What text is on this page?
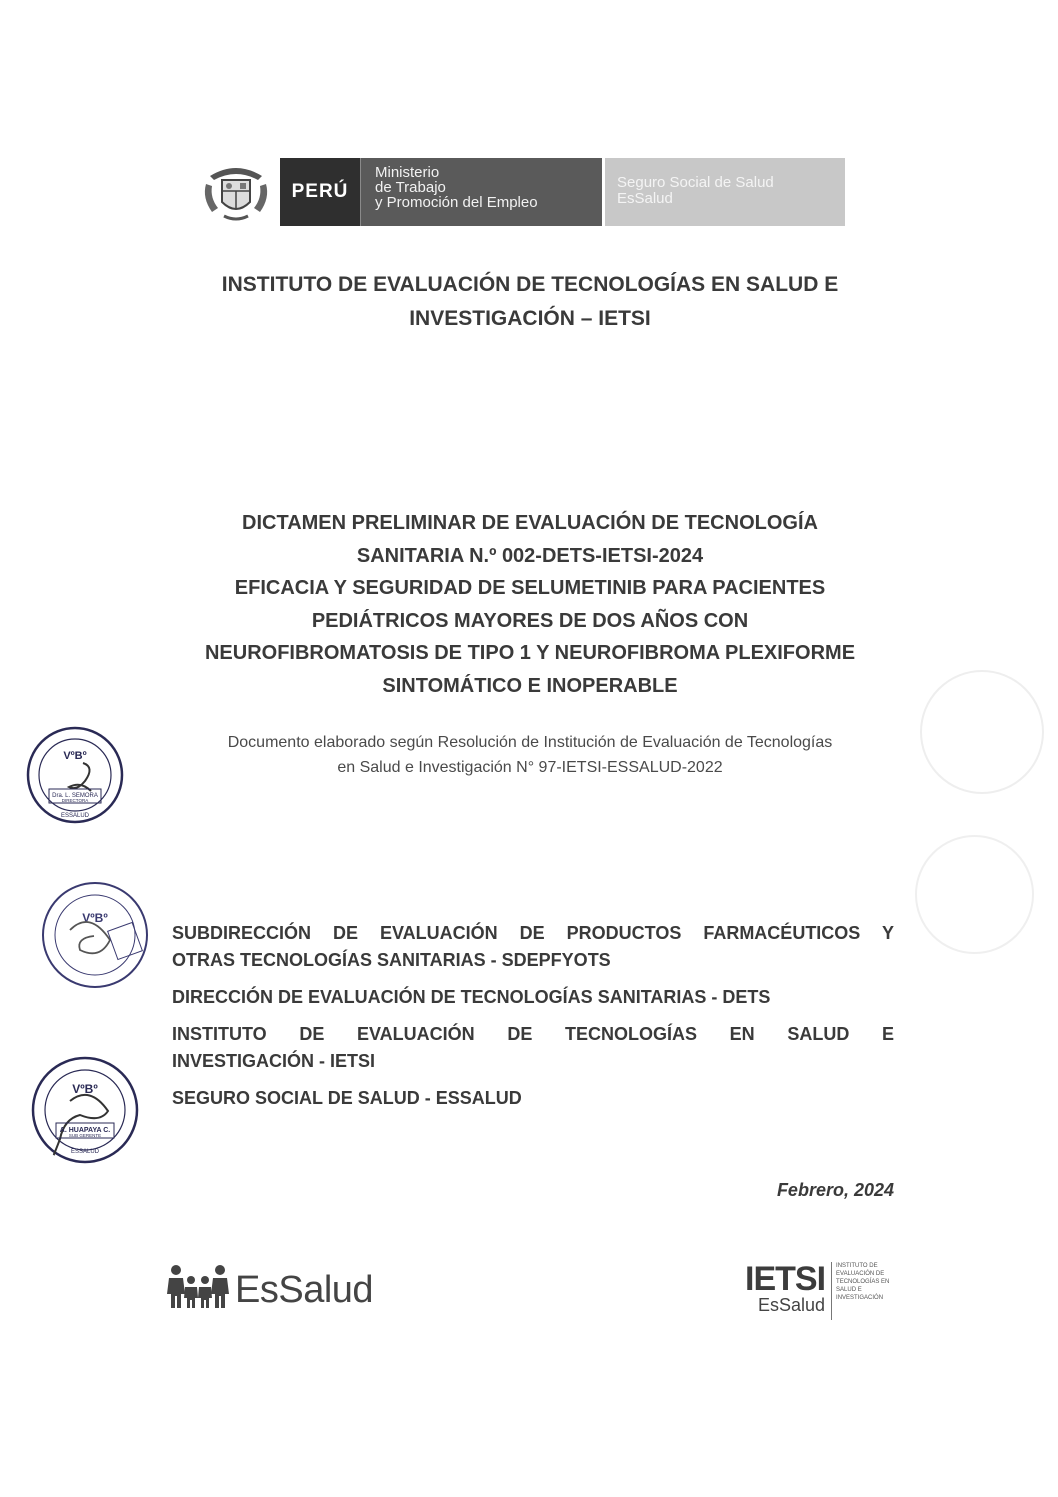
PERÚ
Ministerio
de Trabajo
y Promoción del Empleo
Seguro Social de Salud
EsSalud
INSTITUTO DE EVALUACIÓN DE TECNOLOGÍAS EN SALUD E
INVESTIGACIÓN – IETSI
DICTAMEN PRELIMINAR DE EVALUACIÓN DE TECNOLOGÍA
SANITARIA N.º 002-DETS-IETSI-2024
EFICACIA Y SEGURIDAD DE SELUMETINIB PARA PACIENTES
PEDIÁTRICOS MAYORES DE DOS AÑOS CON
NEUROFIBROMATOSIS DE TIPO 1 Y NEUROFIBROMA PLEXIFORME
SINTOMÁTICO E INOPERABLE
Documento elaborado según Resolución de Institución de Evaluación de Tecnologías
en Salud e Investigación N° 97-IETSI-ESSALUD-2022
VºBº
Dra. L. SEMORA
DIRECTORA
ESSALUD
VºBº
VºBº
A. HUAPAYA C.
SUB GERENTE
ESSALUD
SUBDIRECCIÓN DE EVALUACIÓN DE PRODUCTOS FARMACÉUTICOS Y
OTRAS TECNOLOGÍAS SANITARIAS - SDEPFYOTS
DIRECCIÓN DE EVALUACIÓN DE TECNOLOGÍAS SANITARIAS - DETS
INSTITUTO DE EVALUACIÓN DE TECNOLOGÍAS EN SALUD E
INVESTIGACIÓN - IETSI
SEGURO SOCIAL DE SALUD - ESSALUD
Febrero, 2024
EsSalud	IETSI
EsSalud
INSTITUTO DE EVALUACIÓN DE TECNOLOGÍAS EN SALUD E INVESTIGACIÓN
